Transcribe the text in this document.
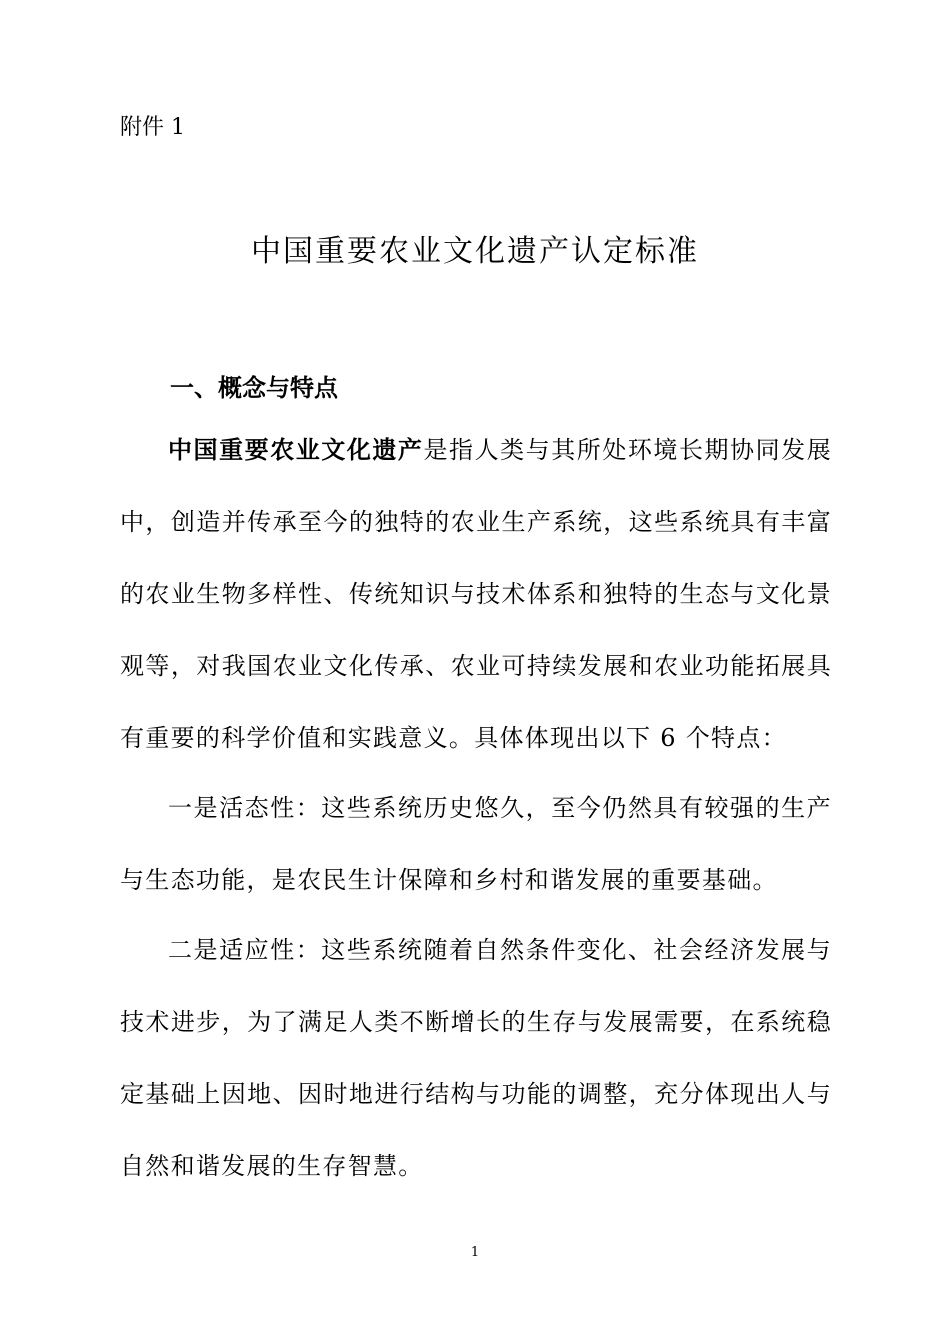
附件 1
中国重要农业文化遗产认定标准
一、概念与特点

中国重要农业文化遗产是指人类与其所处环境长期协同发展中，创造并传承至今的独特的农业生产系统，这些系统具有丰富的农业生物多样性、传统知识与技术体系和独特的生态与文化景观等，对我国农业文化传承、农业可持续发展和农业功能拓展具有重要的科学价值和实践意义。具体体现出以下 6 个特点：

一是活态性：这些系统历史悠久，至今仍然具有较强的生产与生态功能，是农民生计保障和乡村和谐发展的重要基础。

二是适应性：这些系统随着自然条件变化、社会经济发展与技术进步，为了满足人类不断增长的生存与发展需要，在系统稳定基础上因地、因时地进行结构与功能的调整，充分体现出人与自然和谐发展的生存智慧。

1
